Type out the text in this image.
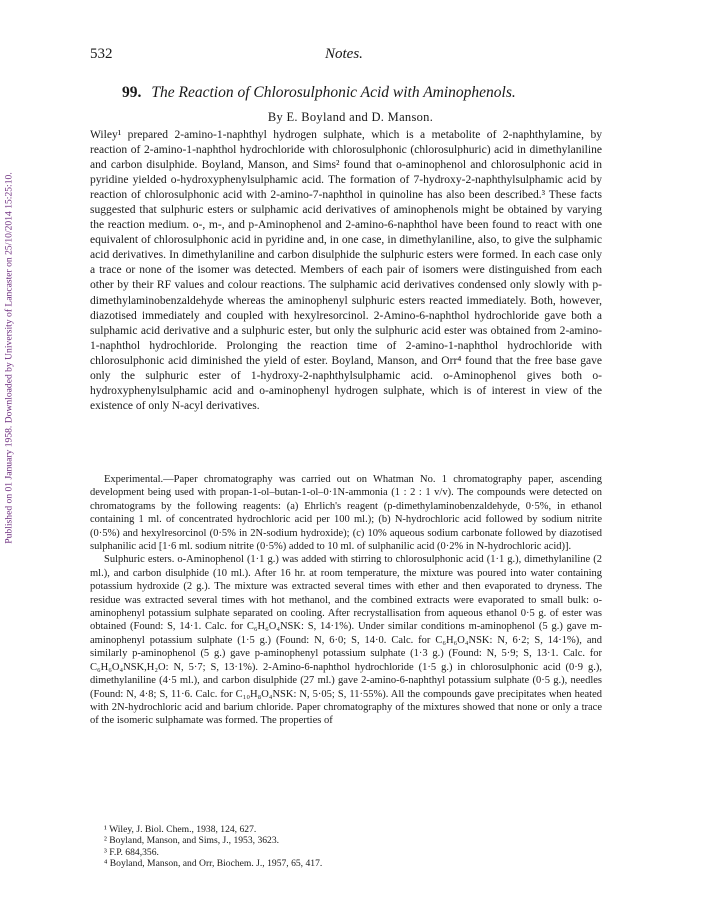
Published on 01 January 1958. Downloaded by University of Lancaster on 25/10/2014 15:25:10.
532	Notes.
99. The Reaction of Chlorosulphonic Acid with Aminophenols.
By E. Boyland and D. Manson.

Wiley¹ prepared 2-amino-1-naphthyl hydrogen sulphate, which is a metabolite of 2-naphthylamine, by reaction of 2-amino-1-naphthol hydrochloride with chlorosulphonic (chlorosulphuric) acid in dimethylaniline and carbon disulphide. Boyland, Manson, and Sims² found that o-aminophenol and chlorosulphonic acid in pyridine yielded o-hydroxyphenylsulphamic acid. The formation of 7-hydroxy-2-naphthylsulphamic acid by reaction of chlorosulphonic acid with 2-amino-7-naphthol in quinoline has also been described.³ These facts suggested that sulphuric esters or sulphamic acid derivatives of aminophenols might be obtained by varying the reaction medium. o-, m-, and p-Aminophenol and 2-amino-6-naphthol have been found to react with one equivalent of chlorosulphonic acid in pyridine and, in one case, in dimethylaniline, also, to give the sulphamic acid derivatives. In dimethylaniline and carbon disulphide the sulphuric esters were formed. In each case only a trace or none of the isomer was detected. Members of each pair of isomers were distinguished from each other by their RF values and colour reactions. The sulphamic acid derivatives condensed only slowly with p-dimethylaminobenzaldehyde whereas the aminophenyl sulphuric esters reacted immediately. Both, however, diazotised immediately and coupled with hexylresorcinol. 2-Amino-6-naphthol hydrochloride gave both a sulphamic acid derivative and a sulphuric ester, but only the sulphuric acid ester was obtained from 2-amino-1-naphthol hydrochloride. Prolonging the reaction time of 2-amino-1-naphthol hydrochloride with chlorosulphonic acid diminished the yield of ester. Boyland, Manson, and Orr⁴ found that the free base gave only the sulphuric ester of 1-hydroxy-2-naphthylsulphamic acid. o-Aminophenol gives both o-hydroxyphenylsulphamic acid and o-aminophenyl hydrogen sulphate, which is of interest in view of the existence of only N-acyl derivatives.

Experimental.—Paper chromatography was carried out on Whatman No. 1 chromatography paper, ascending development being used with propan-1-ol–butan-1-ol–0·1N-ammonia (1 : 2 : 1 v/v). The compounds were detected on chromatograms by the following reagents: (a) Ehrlich's reagent (p-dimethylaminobenzaldehyde, 0·5%, in ethanol containing 1 ml. of concentrated hydrochloric acid per 100 ml.); (b) N-hydrochloric acid followed by sodium nitrite (0·5%) and hexylresorcinol (0·5% in 2N-sodium hydroxide); (c) 10% aqueous sodium carbonate followed by diazotised sulphanilic acid [1·6 ml. sodium nitrite (0·5%) added to 10 ml. of sulphanilic acid (0·2% in N-hydrochloric acid)].

Sulphuric esters. o-Aminophenol (1·1 g.) was added with stirring to chlorosulphonic acid (1·1 g.), dimethylaniline (2 ml.), and carbon disulphide (10 ml.). After 16 hr. at room temperature, the mixture was poured into water containing potassium hydroxide (2 g.). The mixture was extracted several times with ether and then evaporated to dryness. The residue was extracted several times with hot methanol, and the combined extracts were evaporated to small bulk: o-aminophenyl potassium sulphate separated on cooling. After recrystallisation from aqueous ethanol 0·5 g. of ester was obtained (Found: S, 14·1. Calc. for C₆H₆O₄NSK: S, 14·1%). Under similar conditions m-aminophenol (5 g.) gave m-aminophenyl potassium sulphate (1·5 g.) (Found: N, 6·0; S, 14·0. Calc. for C₆H₆O₄NSK: N, 6·2; S, 14·1%), and similarly p-aminophenol (5 g.) gave p-aminophenyl potassium sulphate (1·3 g.) (Found: N, 5·9; S, 13·1. Calc. for C₆H₆O₄NSK,H₂O: N, 5·7; S, 13·1%). 2-Amino-6-naphthol hydrochloride (1·5 g.) in chlorosulphonic acid (0·9 g.), dimethylaniline (4·5 ml.), and carbon disulphide (27 ml.) gave 2-amino-6-naphthyl potassium sulphate (0·5 g.), needles (Found: N, 4·8; S, 11·6. Calc. for C₁₀H₈O₄NSK: N, 5·05; S, 11·55%). All the compounds gave precipitates when heated with 2N-hydrochloric acid and barium chloride. Paper chromatography of the mixtures showed that none or only a trace of the isomeric sulphamate was formed. The properties of

¹ Wiley, J. Biol. Chem., 1938, 124, 627.
² Boyland, Manson, and Sims, J., 1953, 3623.
³ F.P. 684,356.
⁴ Boyland, Manson, and Orr, Biochem. J., 1957, 65, 417.
